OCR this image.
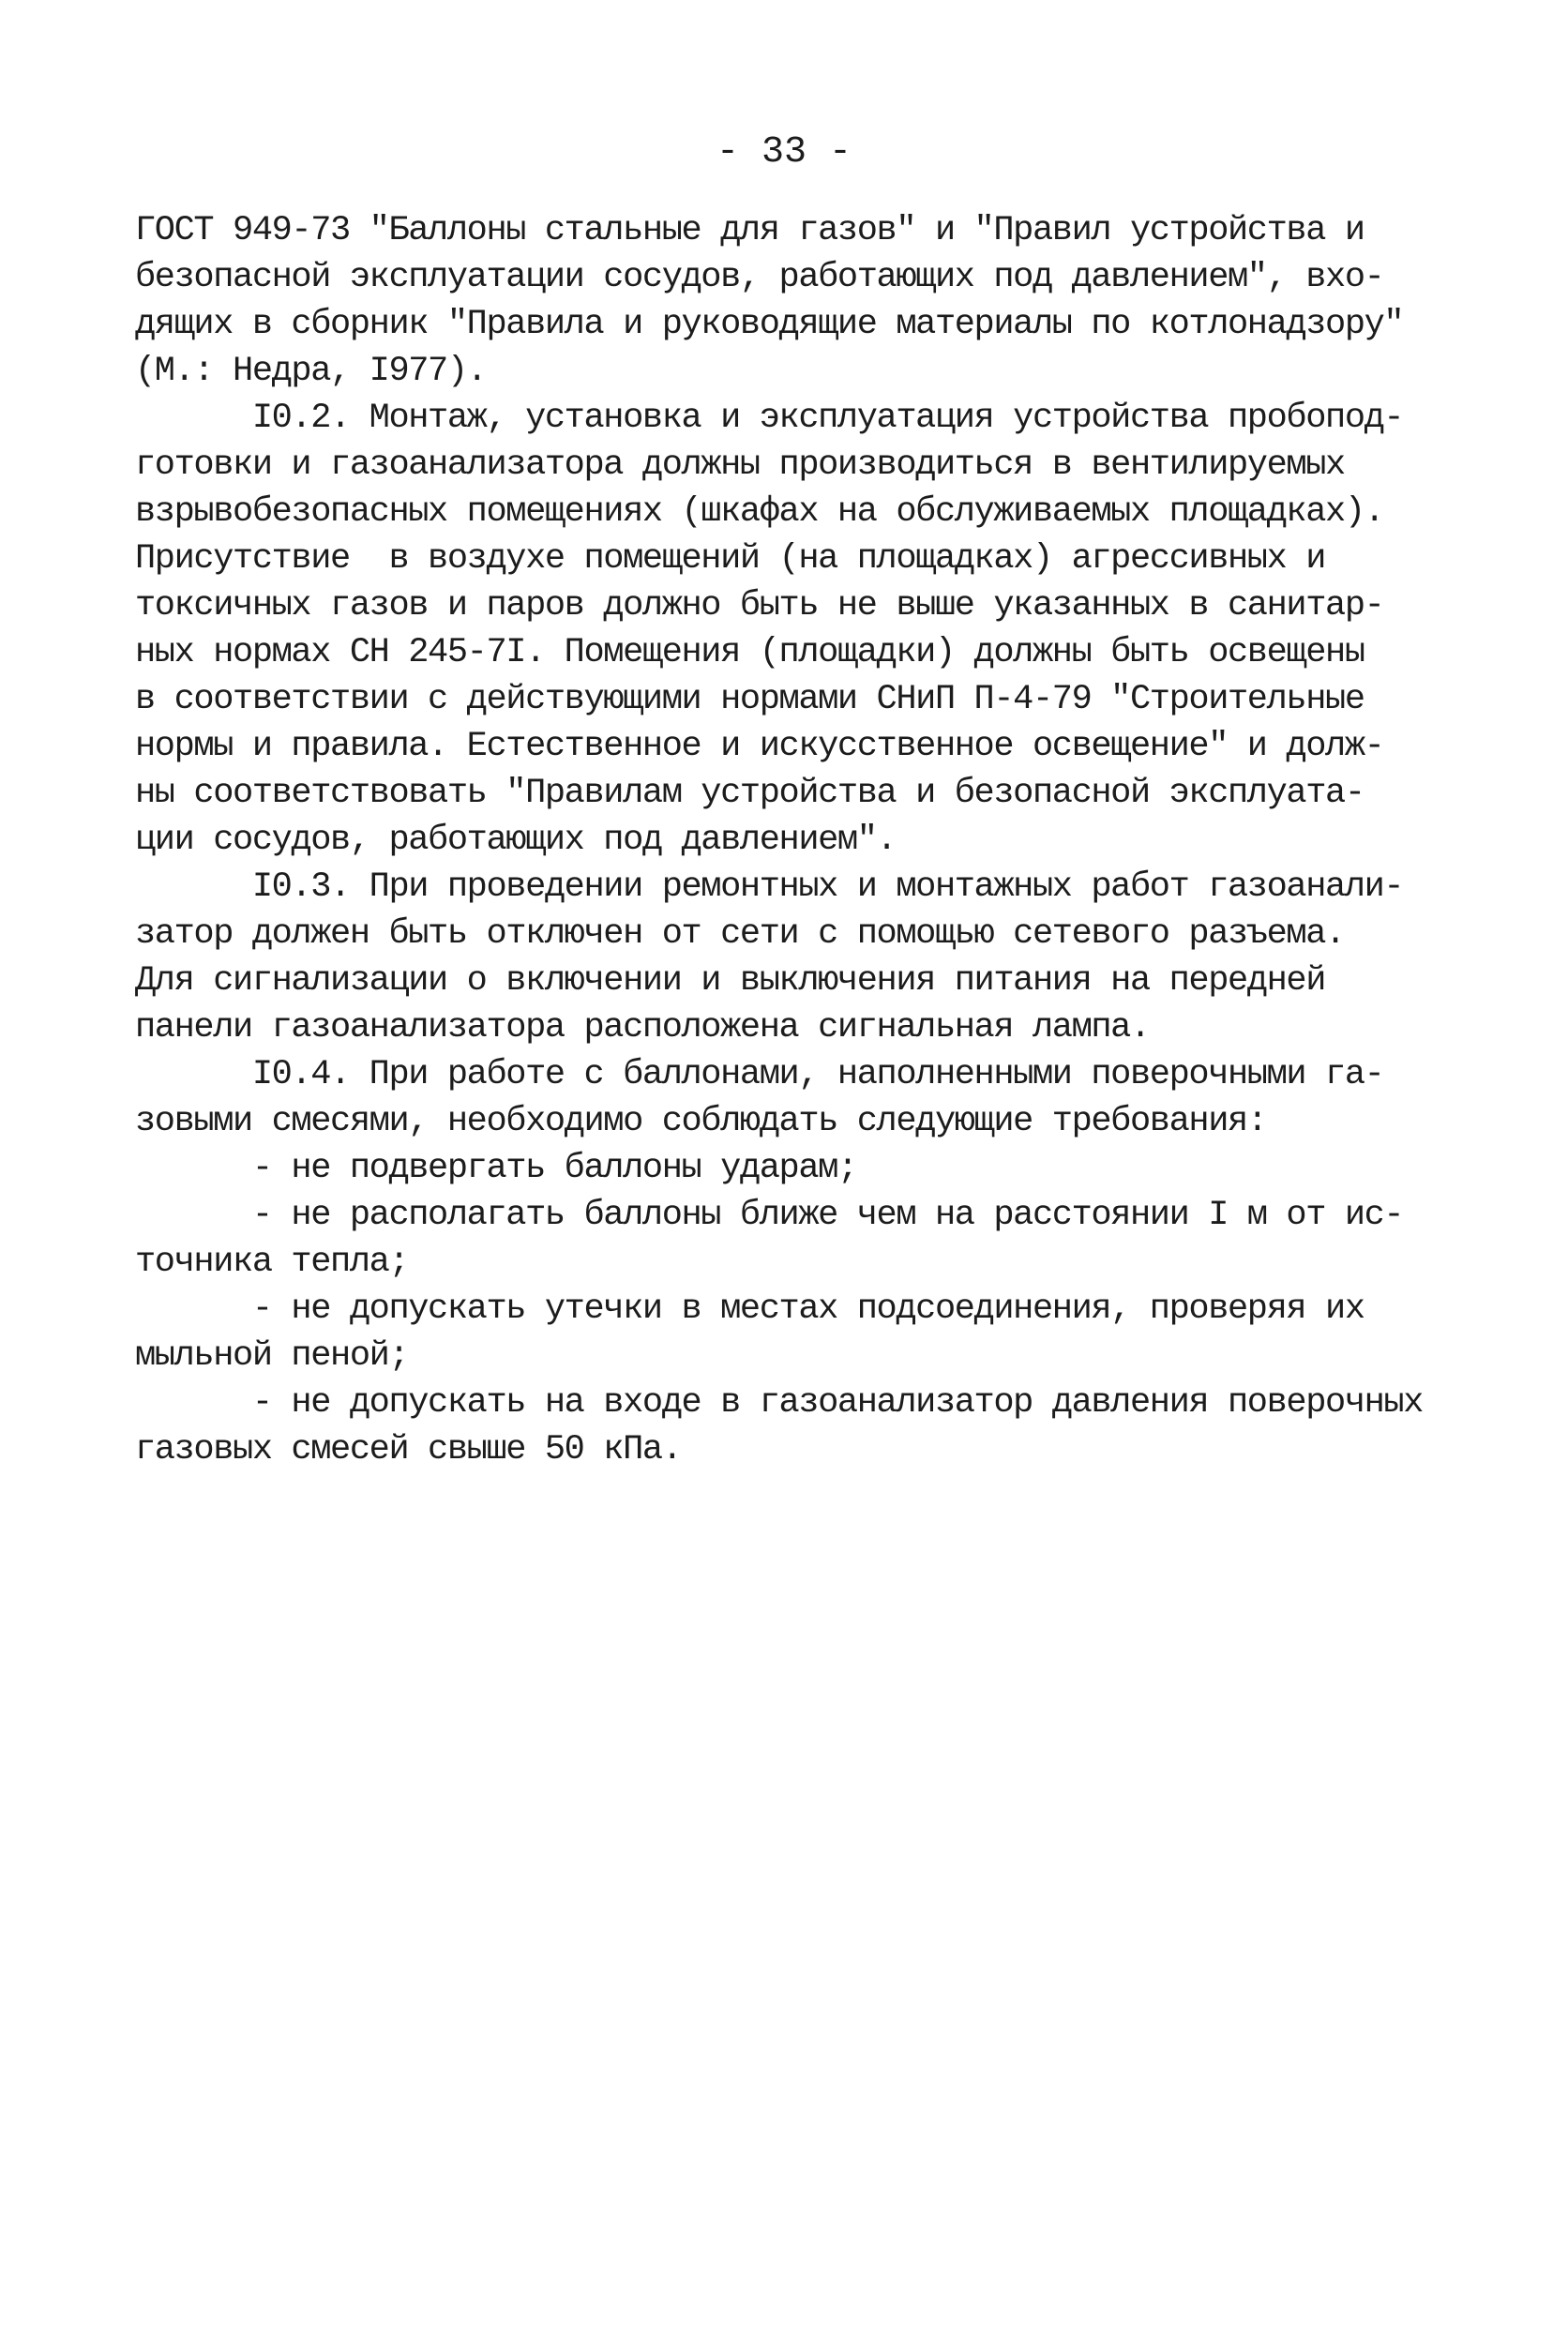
- 33 -
ГОСТ 949-73 "Баллоны стальные для газов" и "Правил устройства и
безопасной эксплуатации сосудов, работающих под давлением", вхо-
дящих в сборник "Правила и руководящие материалы по котлонадзору"
(М.: Недра, I977).
I0.2. Монтаж, установка и эксплуатация устройства пробопод-
готовки и газоанализатора должны производиться в вентилируемых
взрывобезопасных помещениях (шкафах на обслуживаемых площадках).
Присутствие  в воздухе помещений (на площадках) агрессивных и
токсичных газов и паров должно быть не выше указанных в санитар-
ных нормах СН 245-7I. Помещения (площадки) должны быть освещены
в соответствии с действующими нормами СНиП П-4-79 "Строительные
нормы и правила. Естественное и искусственное освещение" и долж-
ны соответствовать "Правилам устройства и безопасной эксплуата-
ции сосудов, работающих под давлением".
I0.3. При проведении ремонтных и монтажных работ газоанали-
затор должен быть отключен от сети с помощью сетевого разъема.
Для сигнализации о включении и выключения питания на передней
панели газоанализатора расположена сигнальная лампа.
I0.4. При работе с баллонами, наполненными поверочными га-
зовыми смесями, необходимо соблюдать следующие требования:
- не подвергать баллоны ударам;
- не располагать баллоны ближе чем на расстоянии I м от ис-
точника тепла;
- не допускать утечки в местах подсоединения, проверяя их
мыльной пеной;
- не допускать на входе в газоанализатор давления поверочных
газовых смесей свыше 50 кПа.
